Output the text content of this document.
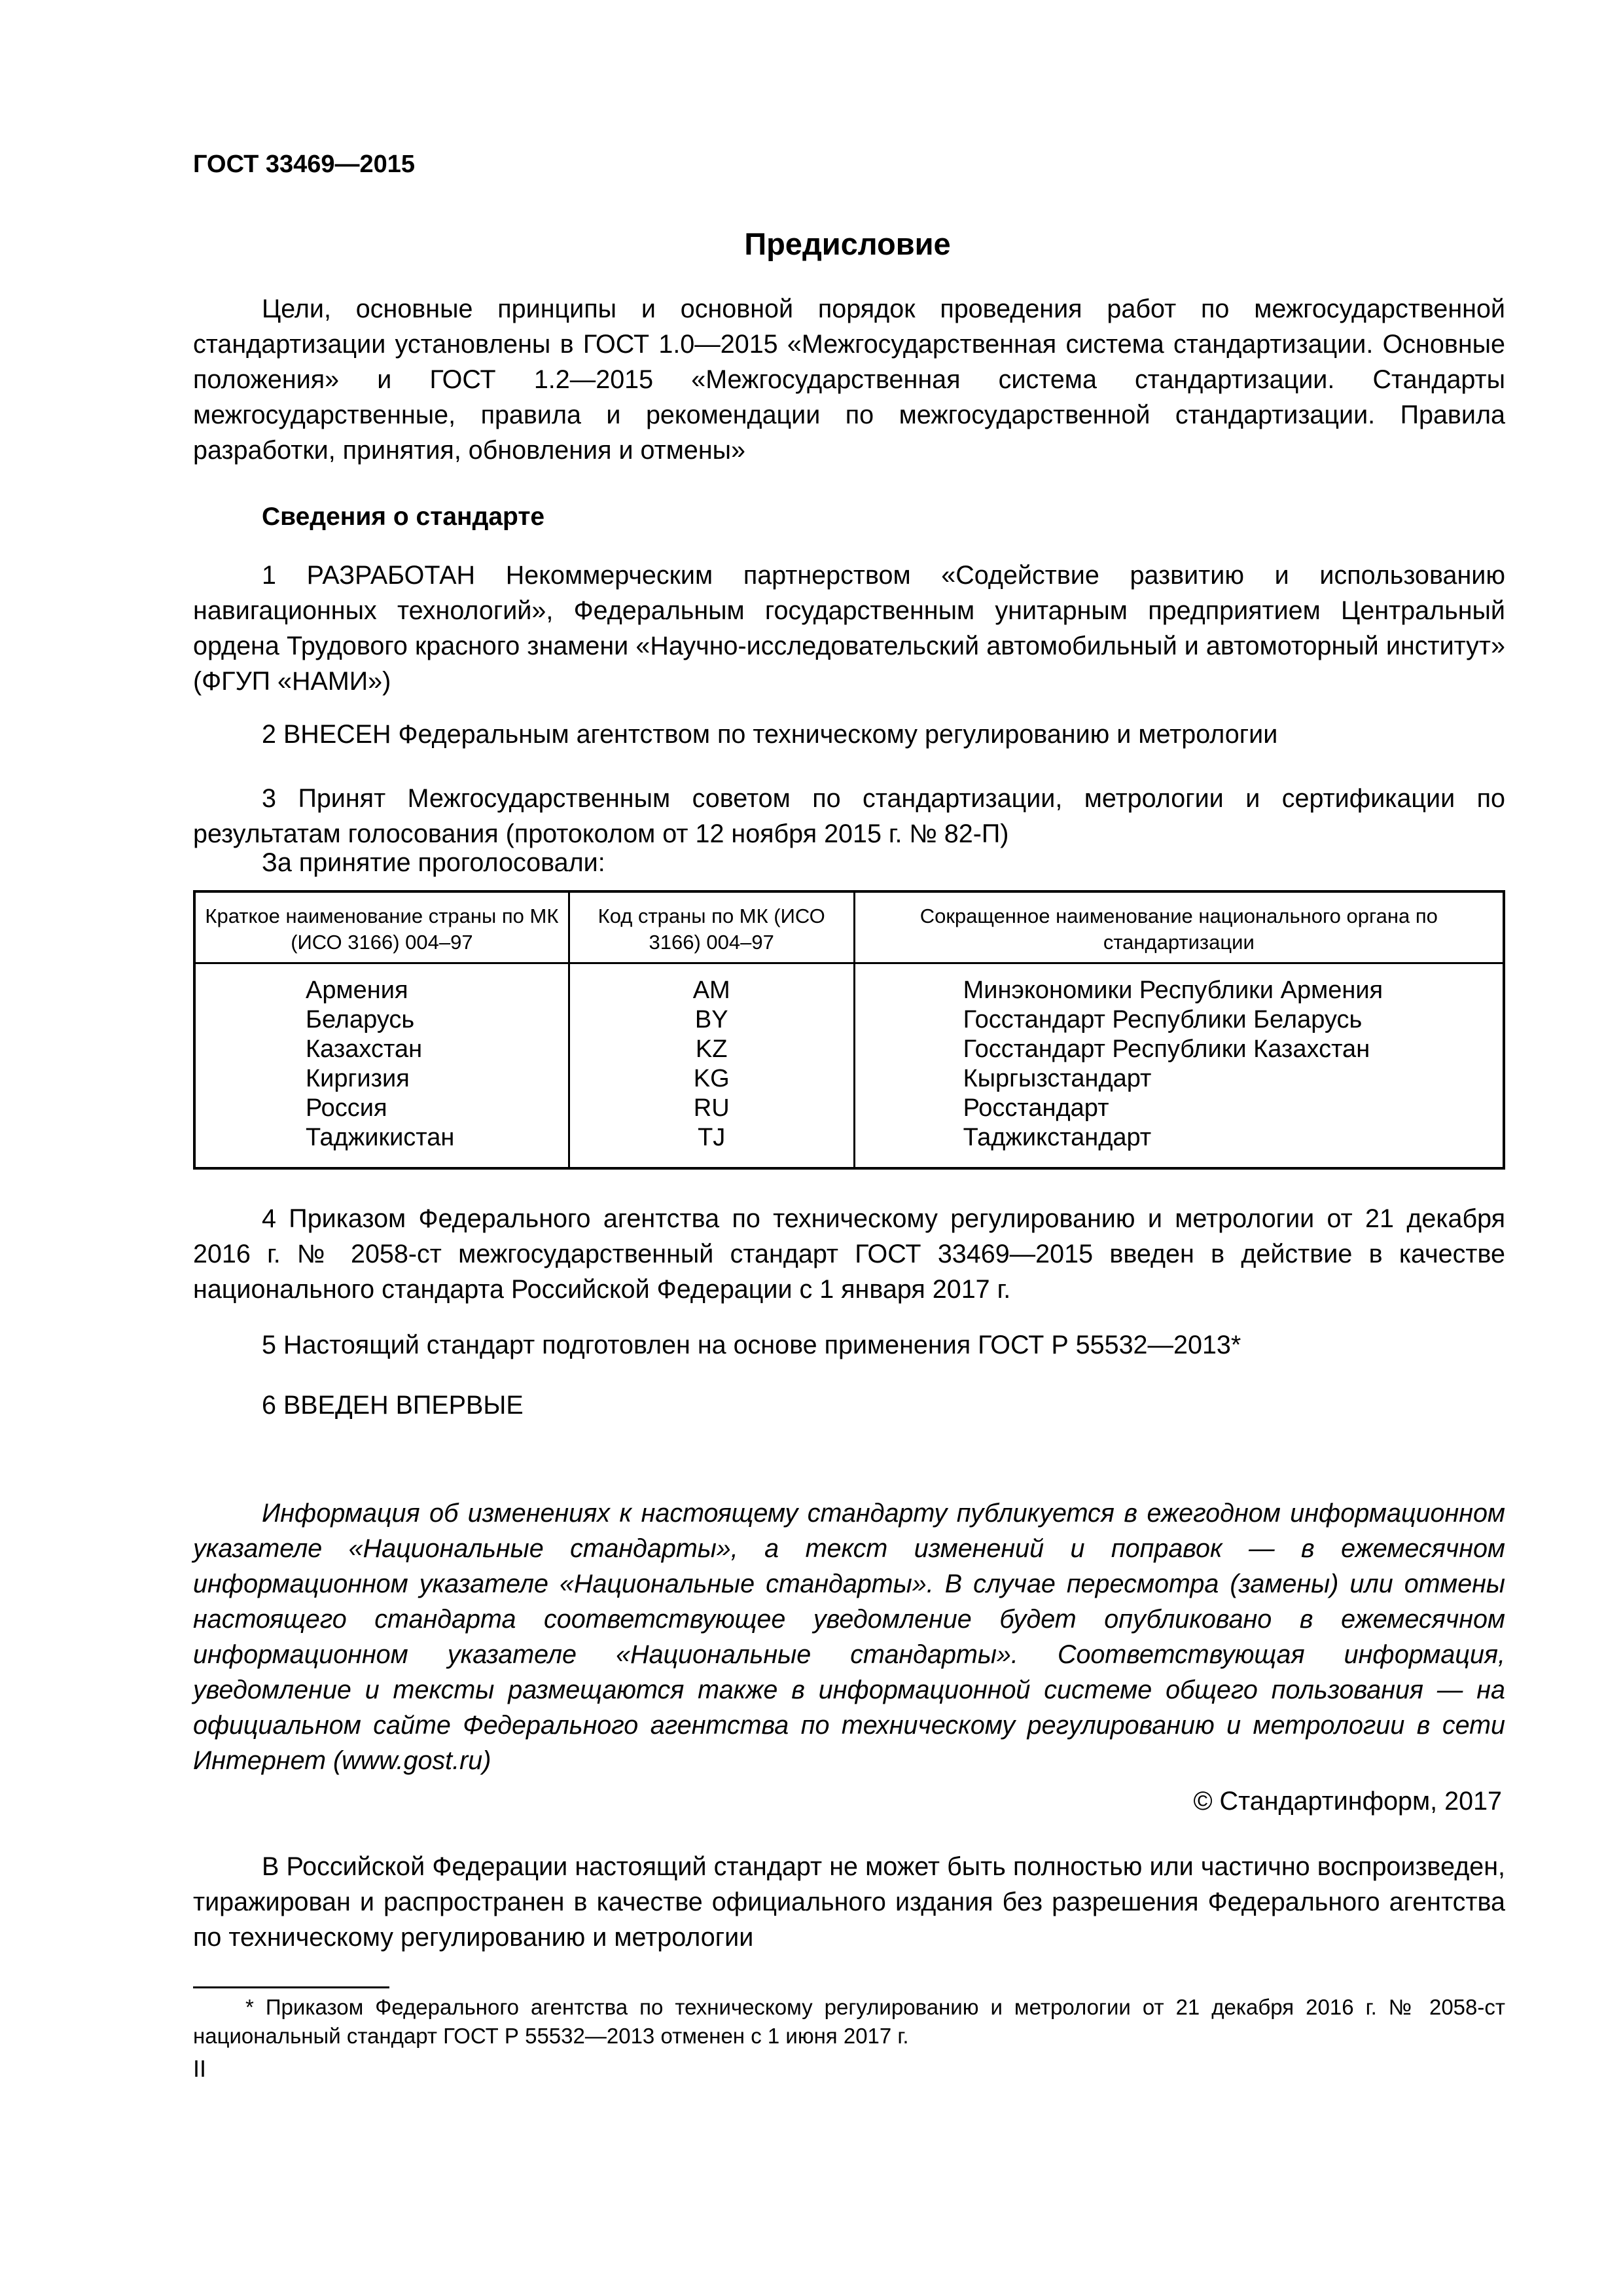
ГОСТ 33469—2015
Предисловие
Цели, основные принципы и основной порядок проведения работ по межгосударственной стандартизации установлены в ГОСТ 1.0—2015 «Межгосударственная система стандартизации. Основные положения» и ГОСТ 1.2—2015 «Межгосударственная система стандартизации. Стандарты межгосударственные, правила и рекомендации по межгосударственной стандартизации. Правила разработки, принятия, обновления и отмены»
Сведения о стандарте
1 РАЗРАБОТАН Некоммерческим партнерством «Содействие развитию и использованию навигационных технологий», Федеральным государственным унитарным предприятием Центральный ордена Трудового красного знамени «Научно-исследовательский автомобильный и автомоторный институт» (ФГУП «НАМИ»)
2 ВНЕСЕН Федеральным агентством по техническому регулированию и метрологии
3 Принят Межгосударственным советом по стандартизации, метрологии и сертификации по результатам голосования (протоколом от 12 ноября 2015 г. № 82-П)
За принятие проголосовали:
Краткое наименование страны по МК (ИСО 3166) 004–97	Код страны по МК (ИСО 3166) 004–97	Сокращенное наименование национального органа по стандартизации
Армения	AM	Минэкономики Республики Армения
Беларусь	BY	Госстандарт Республики Беларусь
Казахстан	KZ	Госстандарт Республики Казахстан
Киргизия	KG	Кыргызстандарт
Россия	RU	Росстандарт
Таджикистан	TJ	Таджикстандарт
4 Приказом Федерального агентства по техническому регулированию и метрологии от 21 декабря 2016 г. № 2058-ст межгосударственный стандарт ГОСТ 33469—2015 введен в действие в качестве национального стандарта Российской Федерации с 1 января 2017 г.
5 Настоящий стандарт подготовлен на основе применения ГОСТ Р 55532—2013*
6 ВВЕДЕН ВПЕРВЫЕ
Информация об изменениях к настоящему стандарту публикуется в ежегодном информационном указателе «Национальные стандарты», а текст изменений и поправок — в ежемесячном информационном указателе «Национальные стандарты». В случае пересмотра (замены) или отмены настоящего стандарта соответствующее уведомление будет опубликовано в ежемесячном информационном указателе «Национальные стандарты». Соответствующая информация, уведомление и тексты размещаются также в информационной системе общего пользования — на официальном сайте Федерального агентства по техническому регулированию и метрологии в сети Интернет (www.gost.ru)
© Стандартинформ, 2017
В Российской Федерации настоящий стандарт не может быть полностью или частично воспроизведен, тиражирован и распространен в качестве официального издания без разрешения Федерального агентства по техническому регулированию и метрологии
* Приказом Федерального агентства по техническому регулированию и метрологии от 21 декабря 2016 г. № 2058-ст национальный стандарт ГОСТ Р 55532—2013 отменен с 1 июня 2017 г.
II
